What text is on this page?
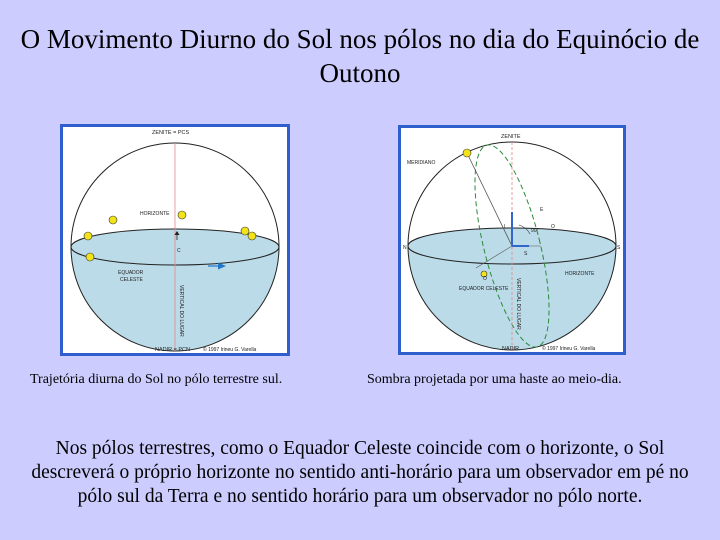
O Movimento Diurno do Sol nos pólos no dia do Equinócio de Outono
ZENITE = PCS
HORIZONTE
C
EQUADOR
CELESTE
VERTICAL DO LUGAR
NADIR = PCN	© 1997 Irineu G. Varella
ZENITE
MERIDIANO
E
L
90°
O
S
N	S
O
HORIZONTE
EQUADOR CELESTE VERTICAL DO LUGAR
NADIR	© 1997 Irineu G. Varella
Trajetória diurna do Sol no pólo terrestre sul.	Sombra projetada por uma haste ao meio-dia.
Nos pólos terrestres, como o Equador Celeste coincide com o horizonte, o Sol descreverá o próprio horizonte no sentido anti-horário para um observador em pé no pólo sul da Terra e no sentido horário para um observador no pólo norte.
